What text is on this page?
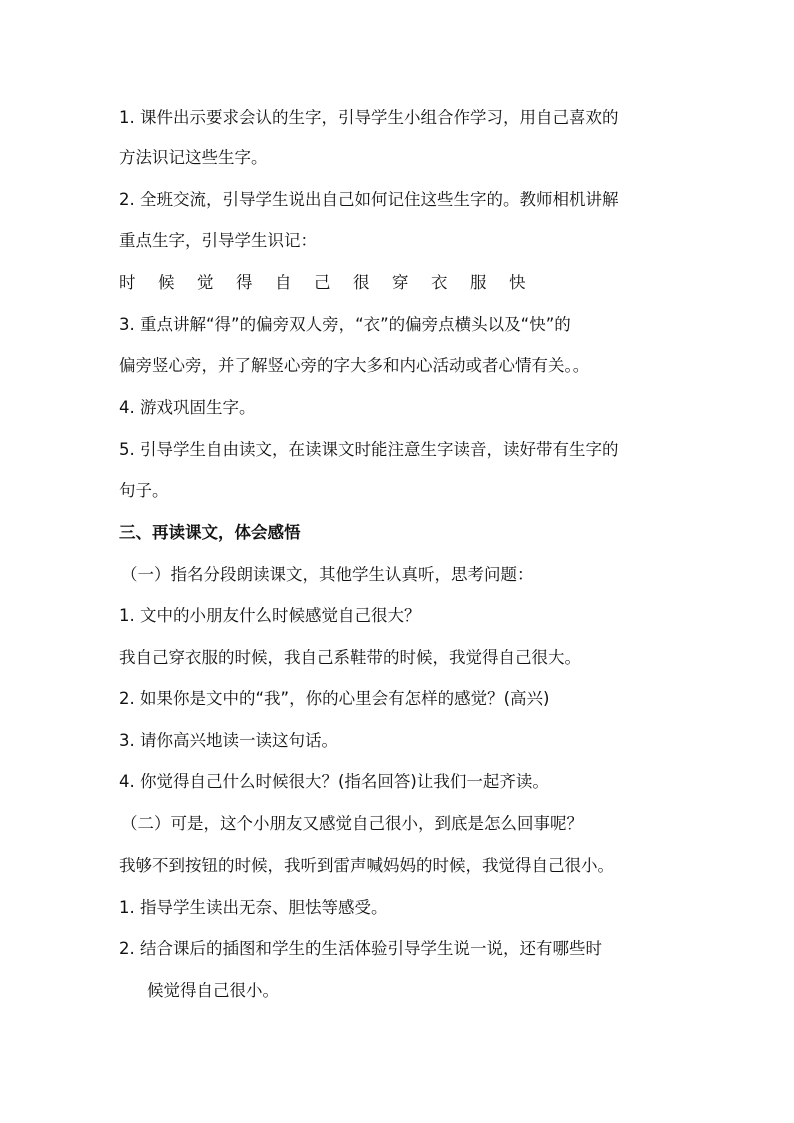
1. 课件出示要求会认的生字，引导学生小组合作学习，用自己喜欢的
方法识记这些生字。
2. 全班交流，引导学生说出自己如何记住这些生字的。教师相机讲解
重点生字，引导学生识记：
时 候 觉 得 自 己 很 穿 衣 服 快
3. 重点讲解“得”的偏旁双人旁，“衣”的偏旁点横头以及“快”的
偏旁竖心旁，并了解竖心旁的字大多和内心活动或者心情有关。。
4. 游戏巩固生字。
5. 引导学生自由读文，在读课文时能注意生字读音，读好带有生字的
句子。
三、再读课文，体会感悟
（一）指名分段朗读课文，其他学生认真听，思考问题：
1. 文中的小朋友什么时候感觉自己很大？
我自己穿衣服的时候，我自己系鞋带的时候，我觉得自己很大。
2. 如果你是文中的“我”，你的心里会有怎样的感觉？(高兴)
3. 请你高兴地读一读这句话。
4. 你觉得自己什么时候很大？(指名回答)让我们一起齐读。
（二）可是，这个小朋友又感觉自己很小，到底是怎么回事呢？
我够不到按钮的时候，我听到雷声喊妈妈的时候，我觉得自己很小。
1. 指导学生读出无奈、胆怯等感受。
2. 结合课后的插图和学生的生活体验引导学生说一说，还有哪些时
候觉得自己很小。
